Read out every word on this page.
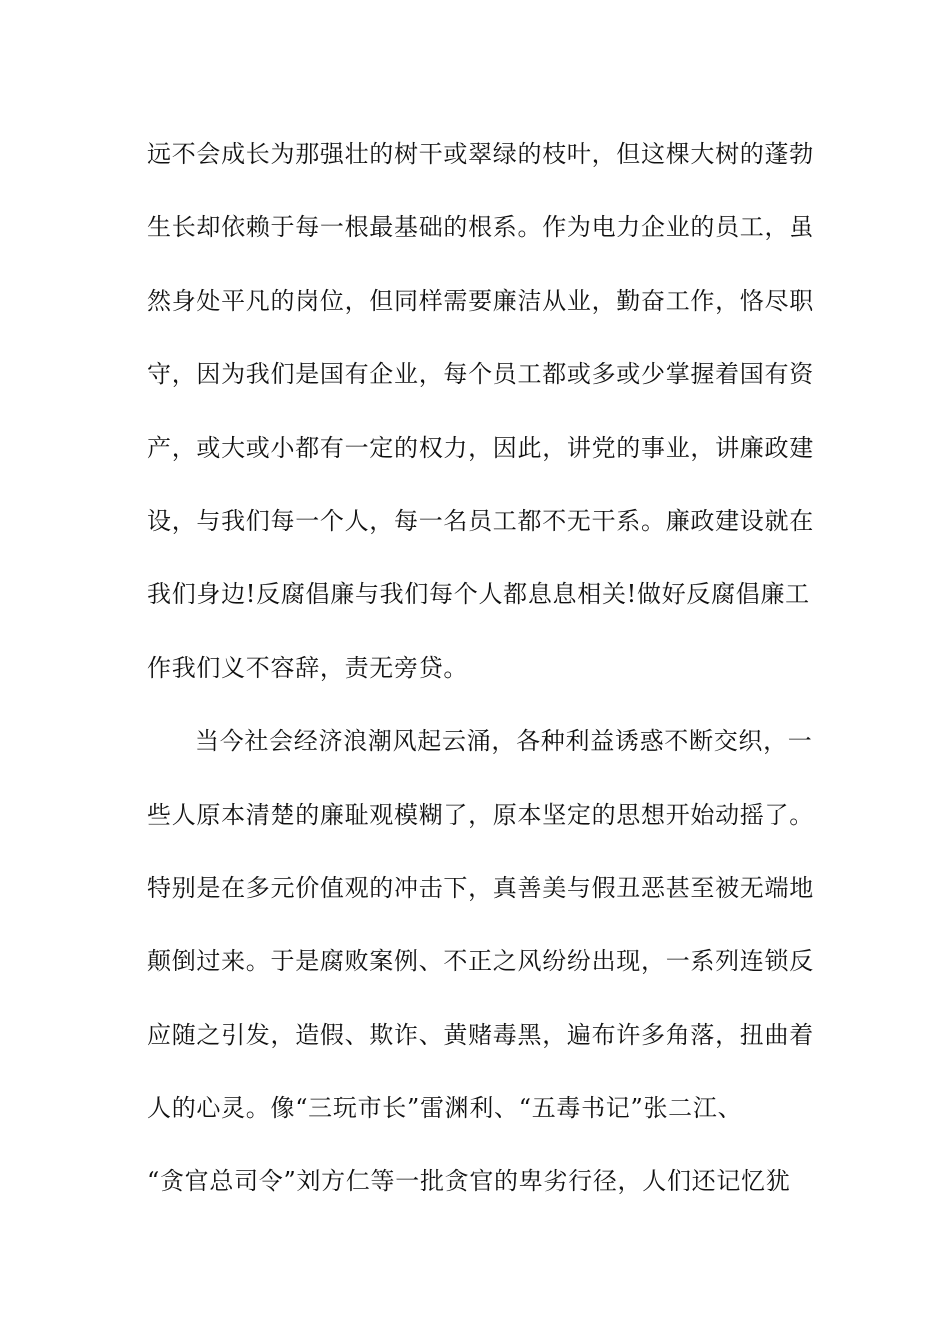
远不会成长为那强壮的树干或翠绿的枝叶，但这棵大树的蓬勃
生长却依赖于每一根最基础的根系。作为电力企业的员工，虽
然身处平凡的岗位，但同样需要廉洁从业，勤奋工作，恪尽职
守，因为我们是国有企业，每个员工都或多或少掌握着国有资
产，或大或小都有一定的权力，因此，讲党的事业，讲廉政建
设，与我们每一个人，每一名员工都不无干系。廉政建设就在
我们身边!反腐倡廉与我们每个人都息息相关!做好反腐倡廉工
作我们义不容辞，责无旁贷。
当今社会经济浪潮风起云涌，各种利益诱惑不断交织，一
些人原本清楚的廉耻观模糊了，原本坚定的思想开始动摇了。
特别是在多元价值观的冲击下，真善美与假丑恶甚至被无端地
颠倒过来。于是腐败案例、不正之风纷纷出现，一系列连锁反
应随之引发，造假、欺诈、黄赌毒黑，遍布许多角落，扭曲着
人的心灵。像“三玩市长”雷渊利、“五毒书记”张二江、
“贪官总司令”刘方仁等一批贪官的卑劣行径，人们还记忆犹
